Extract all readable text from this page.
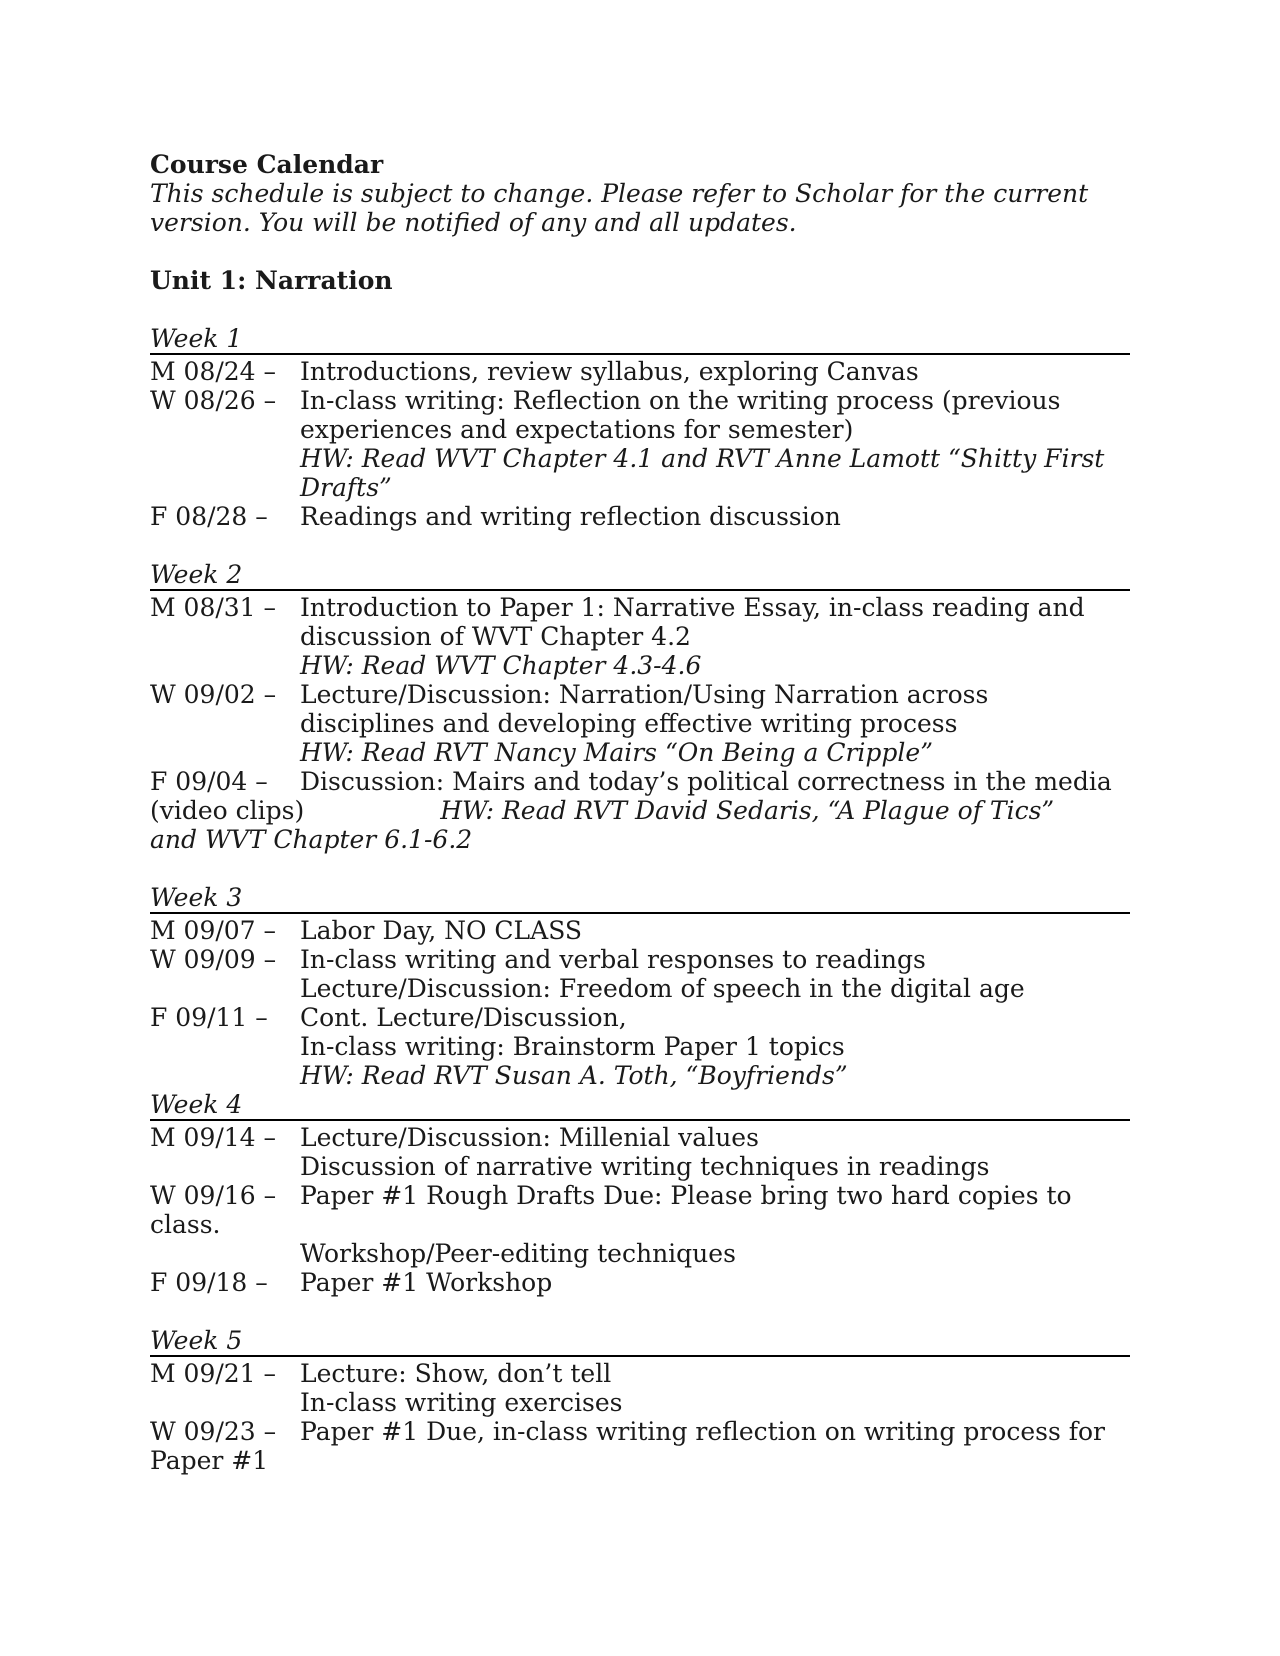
Course Calendar
This schedule is subject to change. Please refer to Scholar for the current
version. You will be notified of any and all updates.
Unit 1: Narration
Week 1
M 08/24 – Introductions, review syllabus, exploring Canvas
W 08/26 – In-class writing: Reflection on the writing process (previous
experiences and expectations for semester)
HW: Read WVT Chapter 4.1 and RVT Anne Lamott “Shitty First
Drafts”
F 08/28 –	Readings and writing reflection discussion
Week 2
M 08/31 – Introduction to Paper 1: Narrative Essay, in-class reading and
discussion of WVT Chapter 4.2
HW: Read WVT Chapter 4.3-4.6
W 09/02 – Lecture/Discussion: Narration/Using Narration across
disciplines and developing effective writing process
HW: Read RVT Nancy Mairs “On Being a Cripple”
F 09/04 –	Discussion: Mairs and today’s political correctness in the media
(video clips)	HW: Read RVT David Sedaris, “A Plague of Tics”
and WVT Chapter 6.1-6.2
Week 3
M 09/07 – Labor Day, NO CLASS
W 09/09 – In-class writing and verbal responses to readings
Lecture/Discussion: Freedom of speech in the digital age
F 09/11 –	Cont. Lecture/Discussion,
In-class writing: Brainstorm Paper 1 topics
HW: Read RVT Susan A. Toth, “Boyfriends”
Week 4
M 09/14 – Lecture/Discussion: Millenial values
Discussion of narrative writing techniques in readings
W 09/16 – Paper #1 Rough Drafts Due: Please bring two hard copies to
class.
Workshop/Peer-editing techniques
F 09/18 –	Paper #1 Workshop
Week 5
M 09/21 – Lecture: Show, don’t tell
In-class writing exercises
W 09/23 – Paper #1 Due, in-class writing reflection on writing process for
Paper #1
